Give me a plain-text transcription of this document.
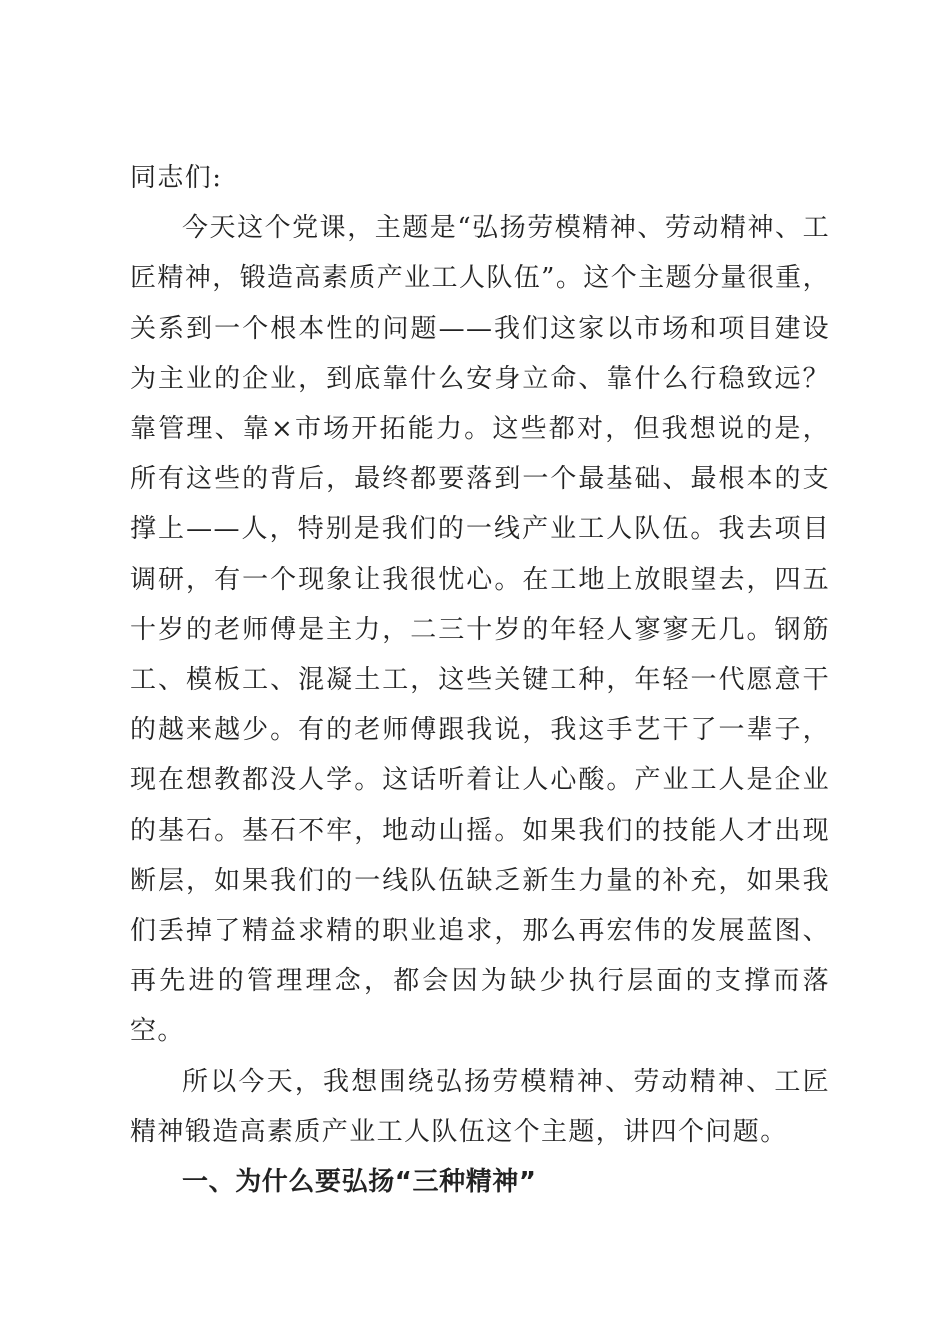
同志们:

今天这个党课，主题是“弘扬劳模精神、劳动精神、工匠精神，锻造高素质产业工人队伍”。这个主题分量很重，关系到一个根本性的问题——我们这家以市场和项目建设为主业的企业，到底靠什么安身立命、靠什么行稳致远？靠管理、靠×市场开拓能力。这些都对，但我想说的是，所有这些的背后，最终都要落到一个最基础、最根本的支撑上——人，特别是我们的一线产业工人队伍。我去项目调研，有一个现象让我很忧心。在工地上放眼望去，四五十岁的老师傅是主力，二三十岁的年轻人寥寥无几。钢筋工、模板工、混凝土工，这些关键工种，年轻一代愿意干的越来越少。有的老师傅跟我说，我这手艺干了一辈子，现在想教都没人学。这话听着让人心酸。产业工人是企业的基石。基石不牢，地动山摇。如果我们的技能人才出现断层，如果我们的一线队伍缺乏新生力量的补充，如果我们丢掉了精益求精的职业追求，那么再宏伟的发展蓝图、再先进的管理理念，都会因为缺少执行层面的支撑而落空。

所以今天，我想围绕弘扬劳模精神、劳动精神、工匠精神锻造高素质产业工人队伍这个主题，讲四个问题。

一、为什么要弘扬“三种精神”
